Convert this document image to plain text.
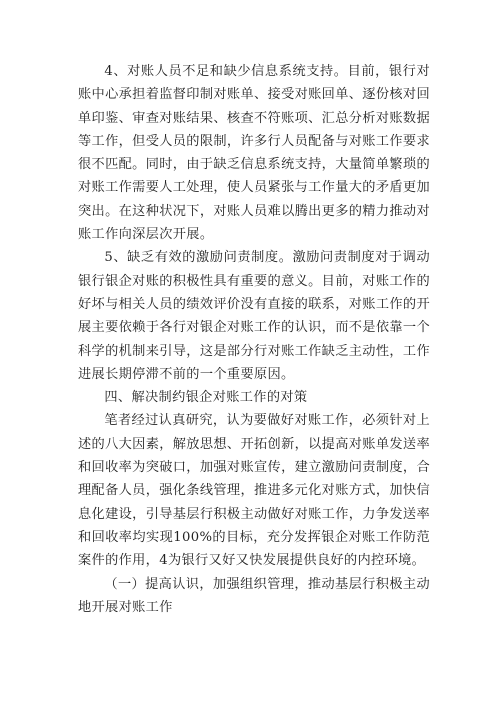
4、对账人员不足和缺少信息系统支持。目前，银行对账中心承担着监督印制对账单、接受对账回单、逐份核对回单印鉴、审查对账结果、核查不符账项、汇总分析对账数据等工作，但受人员的限制，许多行人员配备与对账工作要求很不匹配。同时，由于缺乏信息系统支持，大量简单繁琐的对账工作需要人工处理，使人员紧张与工作量大的矛盾更加突出。在这种状况下，对账人员难以腾出更多的精力推动对账工作向深层次开展。

5、缺乏有效的激励问责制度。激励问责制度对于调动银行银企对账的积极性具有重要的意义。目前，对账工作的好坏与相关人员的绩效评价没有直接的联系，对账工作的开展主要依赖于各行对银企对账工作的认识，而不是依靠一个科学的机制来引导，这是部分行对账工作缺乏主动性，工作进展长期停滞不前的一个重要原因。

四、解决制约银企对账工作的对策

笔者经过认真研究，认为要做好对账工作，必须针对上述的八大因素，解放思想、开拓创新，以提高对账单发送率和回收率为突破口，加强对账宣传，建立激励问责制度，合理配备人员，强化条线管理，推进多元化对账方式，加快信息化建设，引导基层行积极主动做好对账工作，力争发送率和回收率均实现100%的目标，充分发挥银企对账工作防范案件的作用，4为银行又好又快发展提供良好的内控环境。

（一）提高认识，加强组织管理，推动基层行积极主动地开展对账工作
